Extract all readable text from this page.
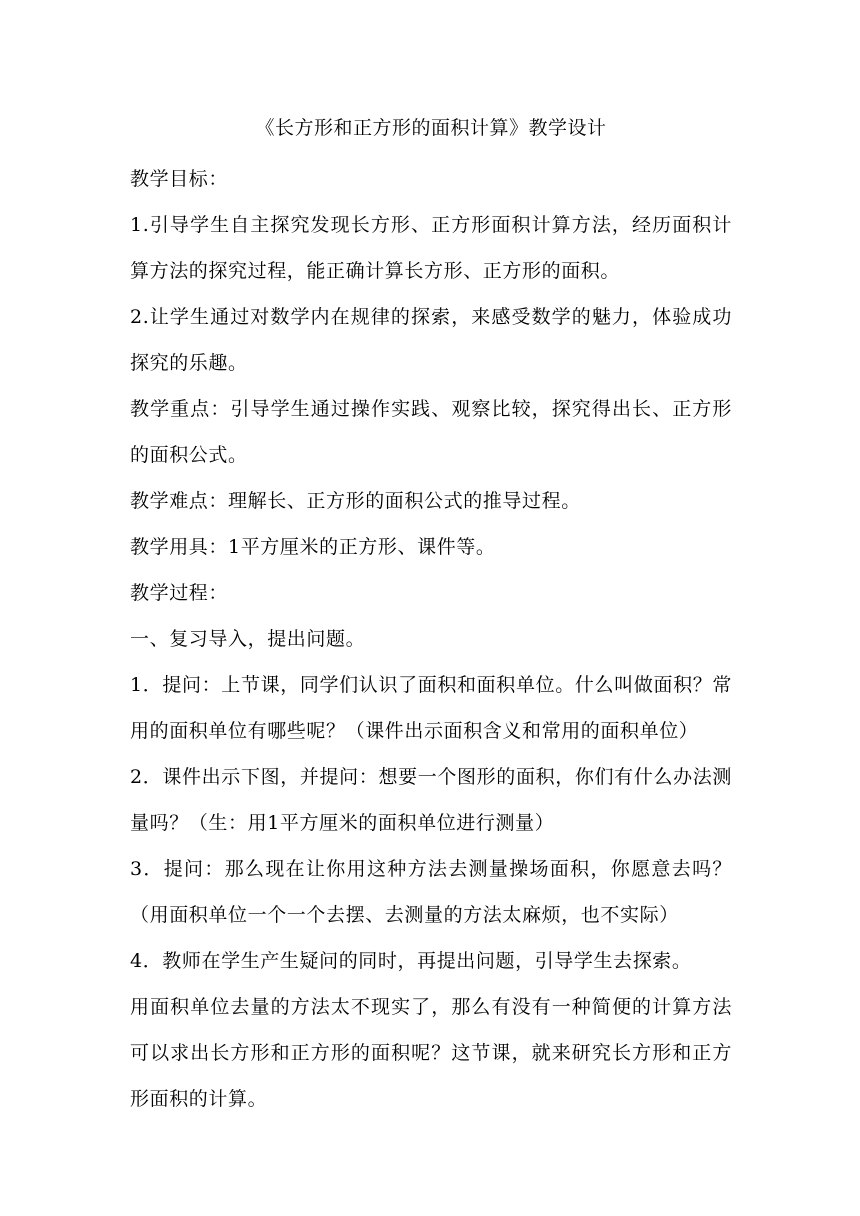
《长方形和正方形的面积计算》教学设计

教学目标：

1.引导学生自主探究发现长方形、正方形面积计算方法，经历面积计算方法的探究过程，能正确计算长方形、正方形的面积。

2.让学生通过对数学内在规律的探索，来感受数学的魅力，体验成功探究的乐趣。

教学重点：引导学生通过操作实践、观察比较，探究得出长、正方形的面积公式。

教学难点：理解长、正方形的面积公式的推导过程。

教学用具：1平方厘米的正方形、课件等。

教学过程：

一、复习导入，提出问题。

1．提问：上节课，同学们认识了面积和面积单位。什么叫做面积？常用的面积单位有哪些呢？（课件出示面积含义和常用的面积单位）

2．课件出示下图，并提问：想要一个图形的面积，你们有什么办法测量吗？（生：用1平方厘米的面积单位进行测量）

3．提问：那么现在让你用这种方法去测量操场面积，你愿意去吗？（用面积单位一个一个去摆、去测量的方法太麻烦，也不实际）

4．教师在学生产生疑问的同时，再提出问题，引导学生去探索。

用面积单位去量的方法太不现实了，那么有没有一种简便的计算方法可以求出长方形和正方形的面积呢？这节课，就来研究长方形和正方形面积的计算。
